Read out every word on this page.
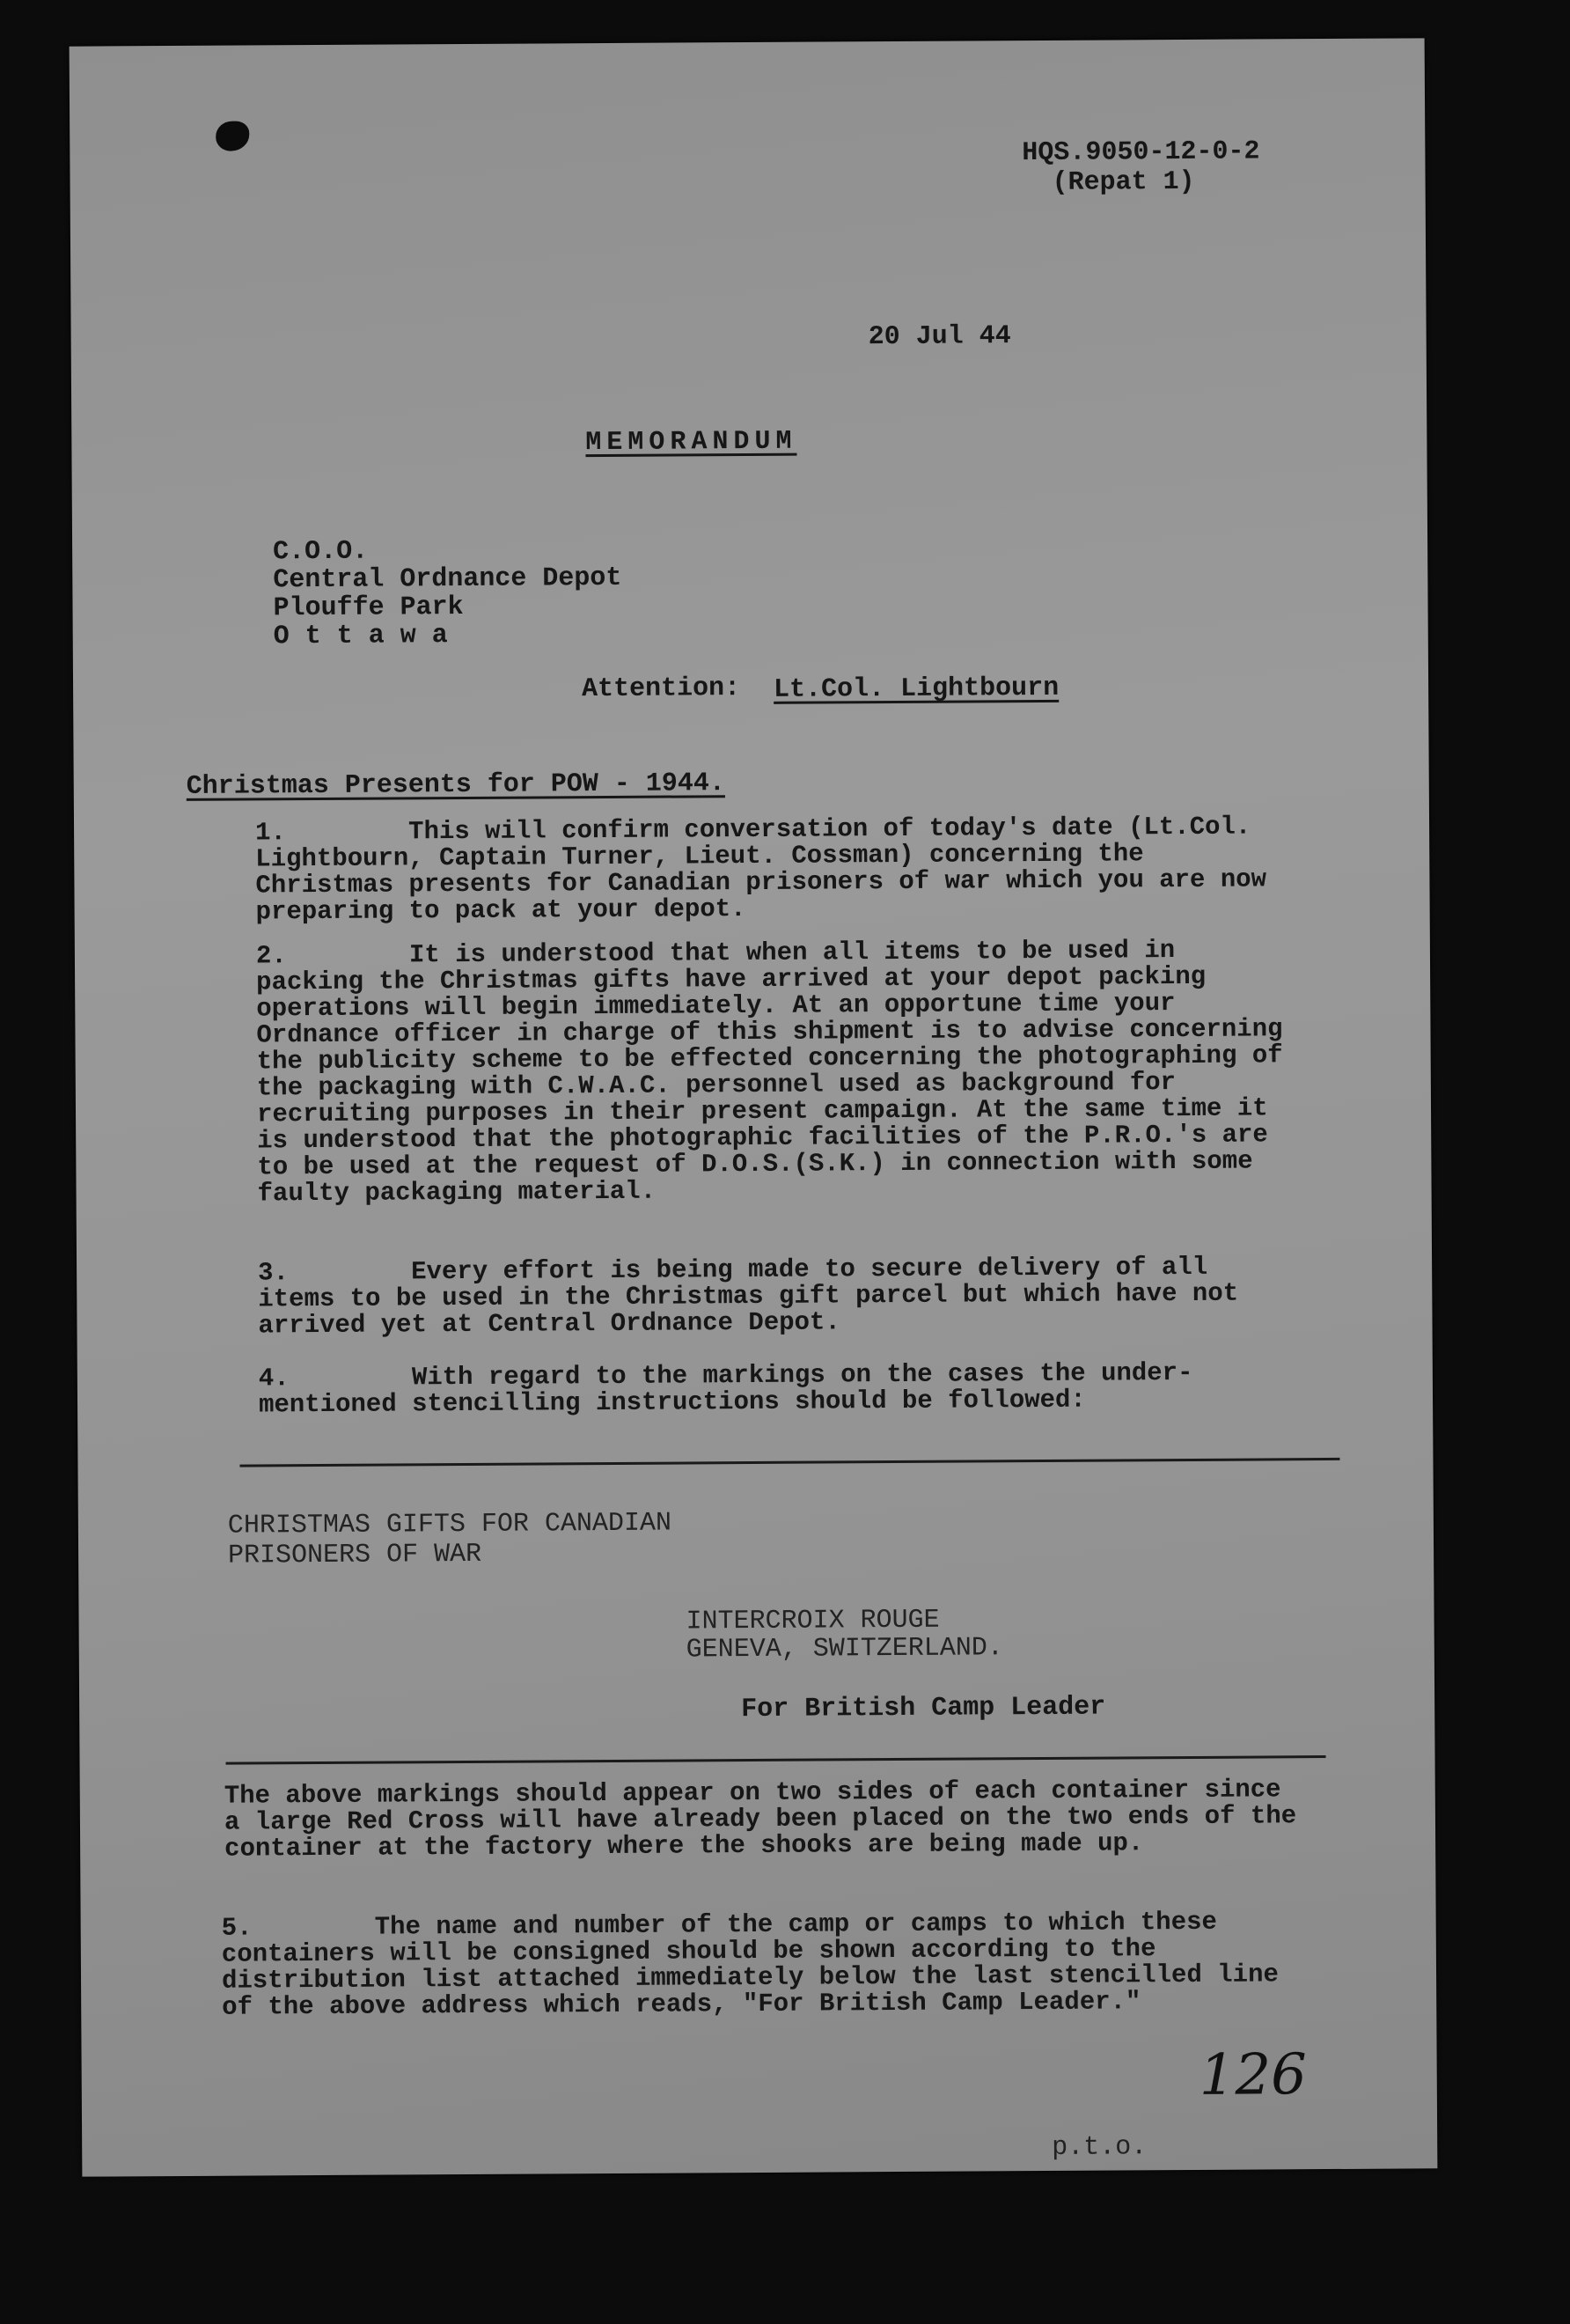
HQS.9050-12-0-2
(Repat 1)
20 Jul 44
MEMORANDUM
C.O.O.
Central Ordnance Depot
Plouffe Park
O t t a w a
Attention: Lt.Col. Lightbourn
Christmas Presents for POW - 1944.
1.	This will confirm conversation of today's date (Lt.Col. Lightbourn, Captain Turner, Lieut. Cossman) concerning the Christmas presents for Canadian prisoners of war which you are now preparing to pack at your depot.
2.	It is understood that when all items to be used in packing the Christmas gifts have arrived at your depot packing operations will begin immediately. At an opportune time your Ordnance officer in charge of this shipment is to advise concerning the publicity scheme to be effected concerning the photographing of the packaging with C.W.A.C. personnel used as background for recruiting purposes in their present campaign. At the same time it is understood that the photographic facilities of the P.R.O.'s are to be used at the request of D.O.S.(S.K.) in connection with some faulty packaging material.
3.	Every effort is being made to secure delivery of all items to be used in the Christmas gift parcel but which have not arrived yet at Central Ordnance Depot.
4.	With regard to the markings on the cases the under-mentioned stencilling instructions should be followed:
CHRISTMAS GIFTS FOR CANADIAN
PRISONERS OF WAR
INTERCROIX ROUGE
GENEVA, SWITZERLAND.
For British Camp Leader
The above markings should appear on two sides of each container since a large Red Cross will have already been placed on the two ends of the container at the factory where the shooks are being made up.
5.	The name and number of the camp or camps to which these containers will be consigned should be shown according to the distribution list attached immediately below the last stencilled line of the above address which reads, "For British Camp Leader."
126
p.t.o.
